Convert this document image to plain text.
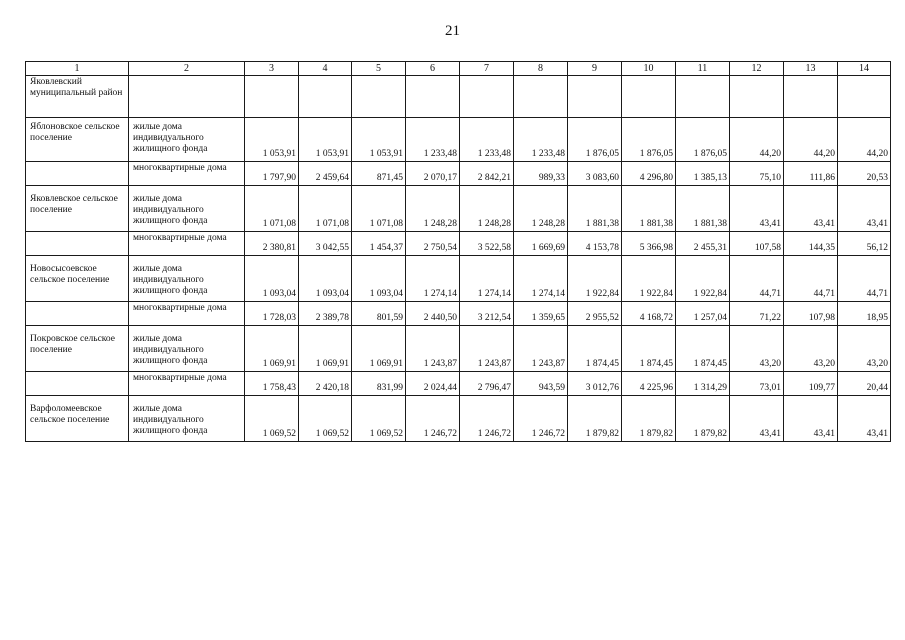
21
1	2	3	4	5	6	7	8	9	10	11	12	13	14
Яковлевский муниципальный район													
Яблоновское сельское поселение	жилые дома индивидуального жилищного фонда	1 053,91	1 053,91	1 053,91	1 233,48	1 233,48	1 233,48	1 876,05	1 876,05	1 876,05	44,20	44,20	44,20
	многоквартирные дома	1 797,90	2 459,64	871,45	2 070,17	2 842,21	989,33	3 083,60	4 296,80	1 385,13	75,10	111,86	20,53
Яковлевское сельское поселение	жилые дома индивидуального жилищного фонда	1 071,08	1 071,08	1 071,08	1 248,28	1 248,28	1 248,28	1 881,38	1 881,38	1 881,38	43,41	43,41	43,41
	многоквартирные дома	2 380,81	3 042,55	1 454,37	2 750,54	3 522,58	1 669,69	4 153,78	5 366,98	2 455,31	107,58	144,35	56,12
Новосысоевское сельское поселение	жилые дома индивидуального жилищного фонда	1 093,04	1 093,04	1 093,04	1 274,14	1 274,14	1 274,14	1 922,84	1 922,84	1 922,84	44,71	44,71	44,71
	многоквартирные дома	1 728,03	2 389,78	801,59	2 440,50	3 212,54	1 359,65	2 955,52	4 168,72	1 257,04	71,22	107,98	18,95
Покровское сельское поселение	жилые дома индивидуального жилищного фонда	1 069,91	1 069,91	1 069,91	1 243,87	1 243,87	1 243,87	1 874,45	1 874,45	1 874,45	43,20	43,20	43,20
	многоквартирные дома	1 758,43	2 420,18	831,99	2 024,44	2 796,47	943,59	3 012,76	4 225,96	1 314,29	73,01	109,77	20,44
Варфоломеевское сельское поселение	жилые дома индивидуального жилищного фонда	1 069,52	1 069,52	1 069,52	1 246,72	1 246,72	1 246,72	1 879,82	1 879,82	1 879,82	43,41	43,41	43,41
